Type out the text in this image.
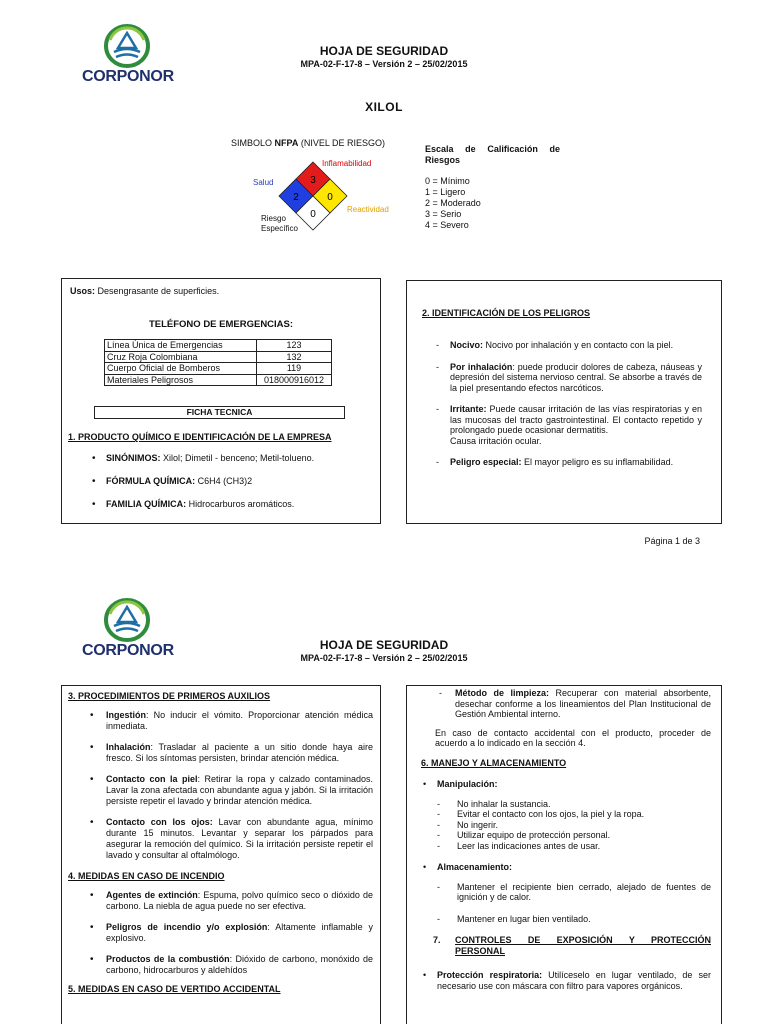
CORPONOR
HOJA DE SEGURIDAD
MPA-02-F-17-8 – Versión 2 – 25/02/2015
XILOL
SIMBOLO NFPA (NIVEL DE RIESGO)
3
2	0
0
Inflamabilidad
Salud
Reactividad
Riesgo
Específico
Escala de Calificación de Riesgos
0 = Mínimo
1 = Ligero
2 = Moderado
3 = Serio
4 = Severo
Usos: Desengrasante de superficies.
TELÉFONO DE EMERGENCIAS:
Línea Única de Emergencias	123
Cruz Roja Colombiana	132
Cuerpo Oficial de Bomberos	119
Materiales Peligrosos	018000916012
FICHA TECNICA
1. PRODUCTO QUÍMICO E IDENTIFICACIÓN DE LA EMPRESA
• SINÓNIMOS: Xilol; Dimetil - benceno; Metil-tolueno.
• FÓRMULA QUÍMICA: C6H4 (CH3)2
• FAMILIA QUÍMICA: Hidrocarburos aromáticos.
2. IDENTIFICACIÓN DE LOS PELIGROS
- Nocivo: Nocivo por inhalación y en contacto con la piel.
- Por inhalación: puede producir dolores de cabeza, náuseas y depresión del sistema nervioso central. Se absorbe a través de la piel presentando efectos narcóticos.
- Irritante: Puede causar irritación de las vías respiratorias y en las mucosas del tracto gastrointestinal. El contacto repetido y prolongado puede ocasionar dermatitis.
Causa irritación ocular.
- Peligro especial: El mayor peligro es su inflamabilidad.
Página 1 de 3
CORPONOR	HOJA DE SEGURIDAD
MPA-02-F-17-8 – Versión 2 – 25/02/2015
3. PROCEDIMIENTOS DE PRIMEROS AUXILIOS
• Ingestión: No inducir el vómito. Proporcionar atención médica inmediata.
• Inhalación: Trasladar al paciente a un sitio donde haya aire fresco. Si los síntomas persisten, brindar atención médica.
• Contacto con la piel: Retirar la ropa y calzado contaminados. Lavar la zona afectada con abundante agua y jabón. Si la irritación persiste repetir el lavado y brindar atención médica.
• Contacto con los ojos: Lavar con abundante agua, mínimo durante 15 minutos. Levantar y separar los párpados para asegurar la remoción del químico. Si la irritación persiste repetir el lavado y consultar al oftalmólogo.
4. MEDIDAS EN CASO DE INCENDIO
• Agentes de extinción: Espuma, polvo químico seco o dióxido de carbono. La niebla de agua puede no ser efectiva.
• Peligros de incendio y/o explosión: Altamente inflamable y explosivo.
• Productos de la combustión: Dióxido de carbono, monóxido de carbono, hidrocarburos y aldehídos
5. MEDIDAS EN CASO DE VERTIDO ACCIDENTAL
- Método de limpieza: Recuperar con material absorbente, desechar conforme a los lineamientos del Plan Institucional de Gestión Ambiental interno.
En caso de contacto accidental con el producto, proceder de acuerdo a lo indicado en la sección 4.
6. MANEJO Y ALMACENAMIENTO
• Manipulación:
- No inhalar la sustancia.
- Evitar el contacto con los ojos, la piel y la ropa.
- No ingerir.
- Utilizar equipo de protección personal.
- Leer las indicaciones antes de usar.
• Almacenamiento:
- Mantener el recipiente bien cerrado, alejado de fuentes de ignición y de calor.
- Mantener en lugar bien ventilado.
7.	CONTROLES DE EXPOSICIÓN Y PROTECCIÓN PERSONAL
• Protección respiratoria: Utilíceselo en lugar ventilado, de ser necesario use con máscara con filtro para vapores orgánicos.
